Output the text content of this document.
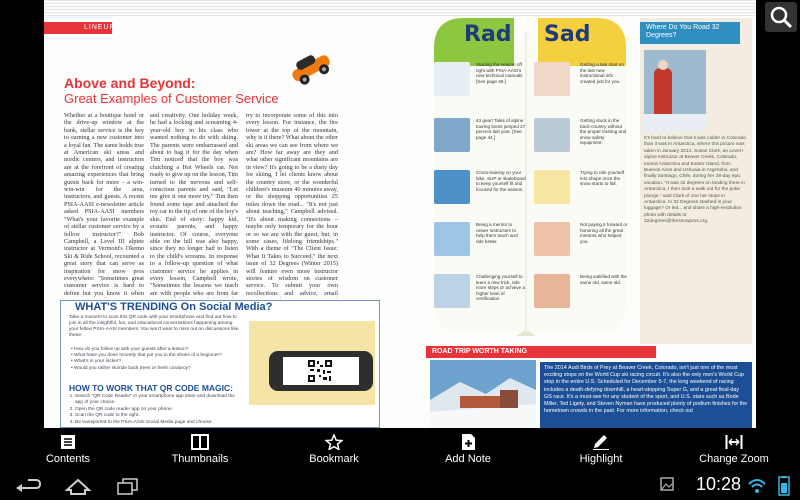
LINEUP
Above and Beyond:
Great Examples of Customer Service
Whether at a boutique hotel or the drive-up window at the bank, stellar service is the key to earning a new customer into a loyal fan. The same holds true at American ski areas and nordic centers, and instructors are at the forefront of creating amazing experiences that bring guests back for more – a win-win-win for the area, instructors, and guests. A recent PSIA-AASI e-newsletter article asked PSIA-AASI members "What's your favorite example of stellar customer service by a fellow instructor?" Bob Campbell, a Level III alpine instructor at Vermont's Okemo Ski & Ride School, recounted a great story that can serve as inspiration for snow pros everywhere: "Sometimes great customer service is hard to define but you know it when
and creativity. One holiday week, he had a locking and screaming 4-year-old boy in his class who wanted nothing to do with skiing. The parents were embarrassed and about to bag it for the day when Tim noticed that the boy was clutching a Hot Wheels car. Not ready to give up on the lesson, Tim turned to the nervous and self-conscious parents and said, "Let me give it one more try." Tim then found some tape and attached the toy car to the tip of one of the boy's skis. End of story: happy kid, ecstatic parents, and happy instructor. Of course, everyone able on the hill was also happy, since they no longer had to listen to the child's screams. In response to a follow-up question of what customer service he applies in every lesson, Campbell wrote, "Sometimes the lessons we teach are with people who are from far
try to incorporate some of this into every lesson. For instance, the fire tower at the top of the mountain, why is it there? What about the other ski areas we can see from where we are? How far away are they and what other significant mountains are in view? It's going to be a dusty day for skiing, I let clients know about the country store, or the wonderful children's museum 40 minutes away, or the shopping opportunities 25 miles down the road... "It's not just about teaching," Campbell advised. "It's about making connections – maybe only temporary for the hour or so we are with the guest, but, in some cases, lifelong friendships." With a theme of "The Client Issue: What It Takes to Succeed," the next issue of 32 Degrees (Winter 2015) will feature even more instructor stories of wisdom on customer service. To submit your own recollections and advice, email
WHAT'S TRENDING On Social Media?
Take a moment to scan this QR code with your smartphone and find out how to join in all the insightful, fun, and educational conversations happening among your fellow PSIA-AASI members. You won't want to miss out on discussions like these:
• How do you follow up with your guests after a lesson?
• What have you done recently that put you in the shoes of a beginner?
• What's in your locker?
• Would you rather ski/ride back trees or fresh corduroy?
HOW TO WORK THAT QR CODE MAGIC:
1. Search "QR Code Reader" in your smartphone app store and download the app of your choice.
2. Open the QR code reader app on your phone.
3. Scan the QR code to the right.
4. Be transported to the PSIA-AASI Social Media page and choose
Rad Sad
Starting the season off right with PSIA-AASI's new technical manuals [See page 48.]
43 gear! Tales of alpine touring boots jumped 27 percent last year. [See page 44.]
Cross-training on your bike, SUP or skateboard to keep yourself fit and focused for the season.
Being a mentor to newer instructors to help them teach and ride better.
Challenging yourself to learn a new trick, ride more steps or achieve a higher level of certification.
Getting a late start on the last new instructional info created just for you.
Getting stuck in the back-country without the proper training and snow safety equipment.
Trying to ride yourself into shape once the snow starts to fall.
Not paying it forward or honoring all the great mentors who helped you.
Being satisfied with the same old, same old.
Where Do You Road 32 Degrees?
It's hard to believe that it was colder in Colorado than it was in Antarctica, where this picture was taken in January 2014. Susan Clark, an Level I alpine instructor at Beaver Creek, Colorado, toured Antarctica and Easter Island, from Buenos Aires and Ushuaia in Argentina, and finally Santiago, Chile, during her 28-day epic vacation. "It was 32 degrees on landing there in Antarctica, I then took a walk out for the polar plunge," said Clark of one her stops in Antarctica. In 32 Degrees stashed in your luggage? Or led... and share a high-resolution photo with details to 32degrees@thesnowpros.org.
ROAD TRIP WORTH TAKING
The 2014 Audi Birds of Prey at Beaver Creek, Colorado, isn't just one of the most exciting stops on the World Cup ski racing circuit. It's also the only men's World Cup stop in the entire U.S. Scheduled for December 5-7, the long weekend of racing includes a death-defying downhill, a heart-stopping Super G, and a great final-day GS race. It's a must-see for any student of the sport, and U.S. stars such as Bode Miller, Ted Ligety, and Steven Nyman have produced plenty of podium finishes for the hometown crowds in the past. For more information, check out
Contents	Thumbnails	Bookmark	Add Note	Highlight	Change Zoom
10:28
